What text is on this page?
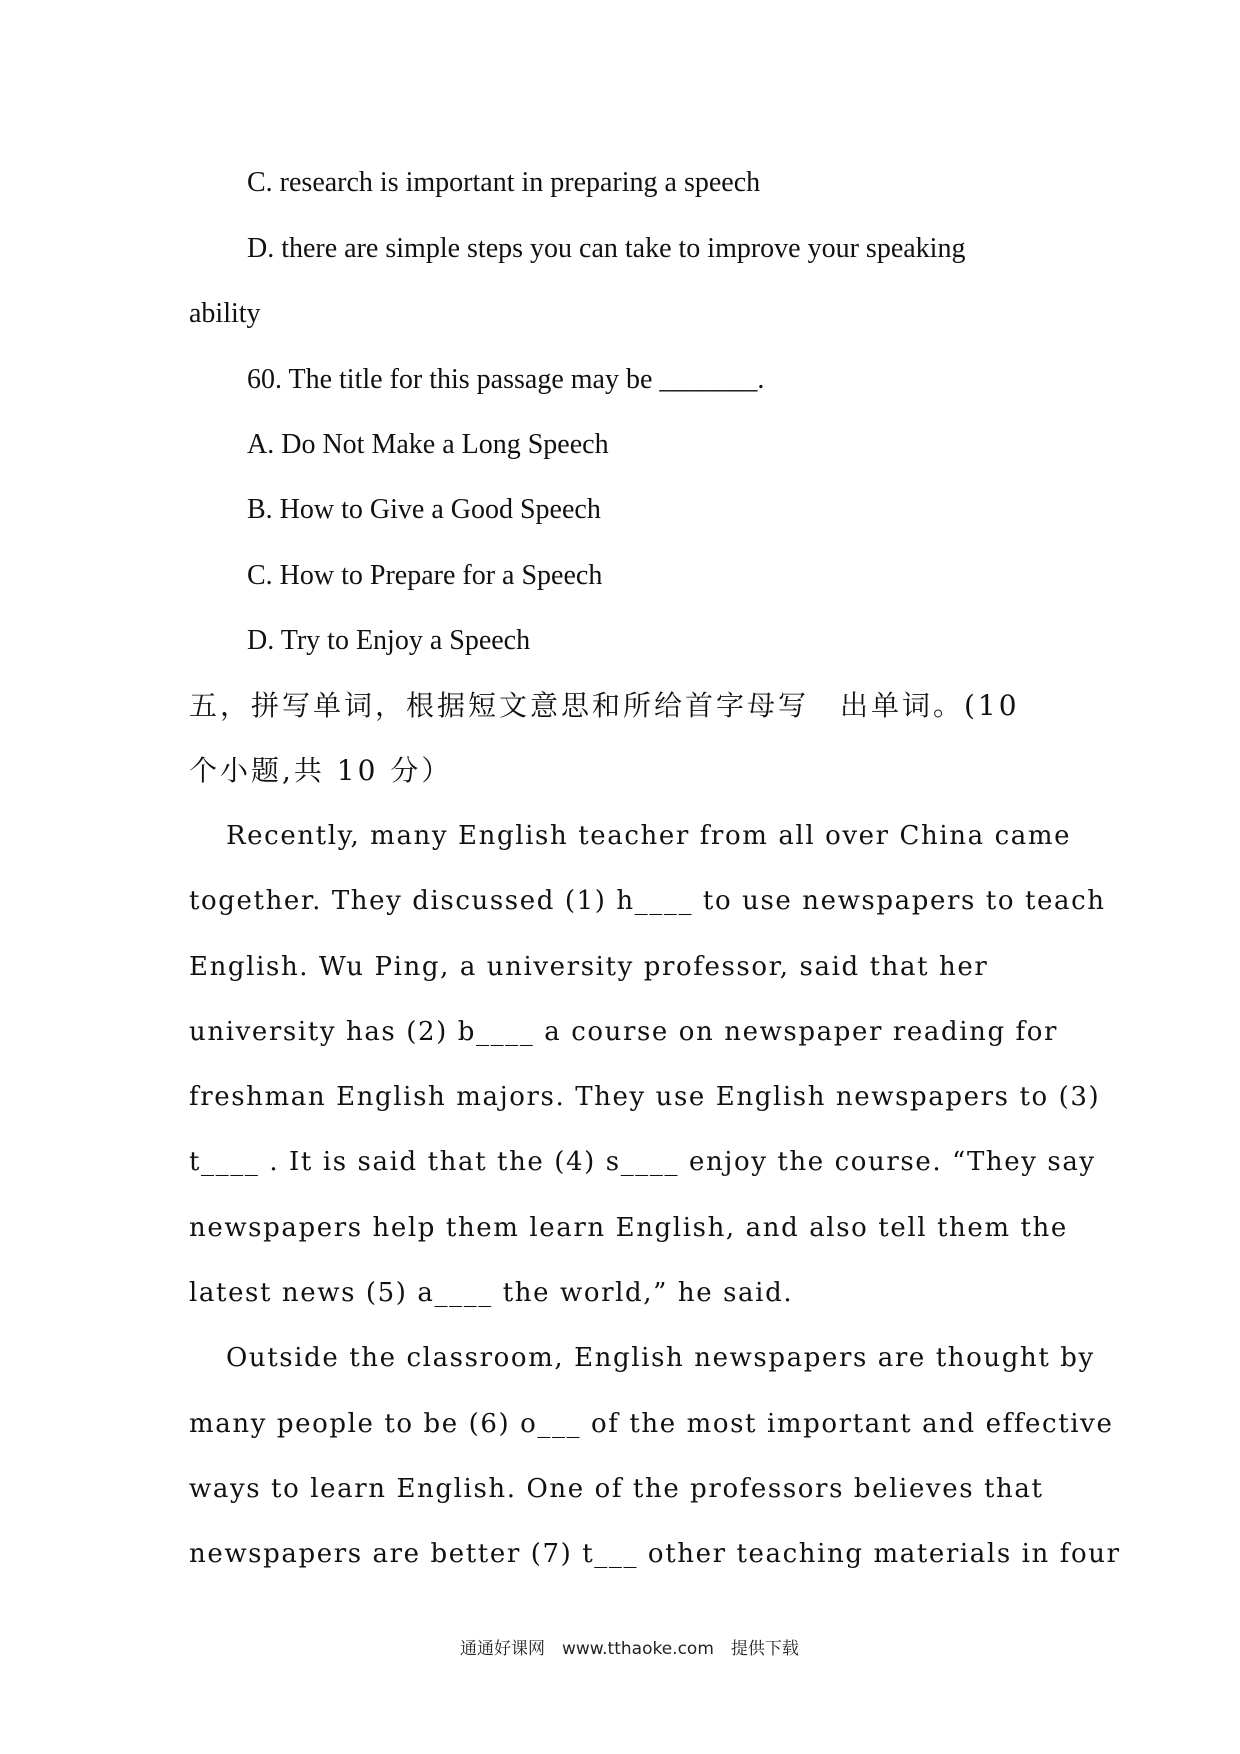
C. research is important in preparing a speech
D. there are simple steps you can take to improve your speaking
ability
60. The title for this passage may be _______.
A. Do Not Make a Long Speech
B. How to Give a Good Speech
C. How to Prepare for a Speech
D. Try to Enjoy a Speech
五，拼写单词，根据短文意思和所给首字母写　出单词。(10
个小题,共 10 分）
Recently, many English teacher from all over China came
together. They discussed (1) h____ to use newspapers to teach
English. Wu Ping, a university professor, said that her
university has (2) b____ a course on newspaper reading for
freshman English majors. They use English newspapers to (3)
t____ . It is said that the (4) s____ enjoy the course. “They say
newspapers help them learn English, and also tell them the
latest news (5) a____ the world,” he said.
Outside the classroom, English newspapers are thought by
many people to be (6) o___ of the most important and effective
ways to learn English. One of the professors believes that
newspapers are better (7) t___ other teaching materials in four
通通好课网　www.tthaoke.com　提供下载
